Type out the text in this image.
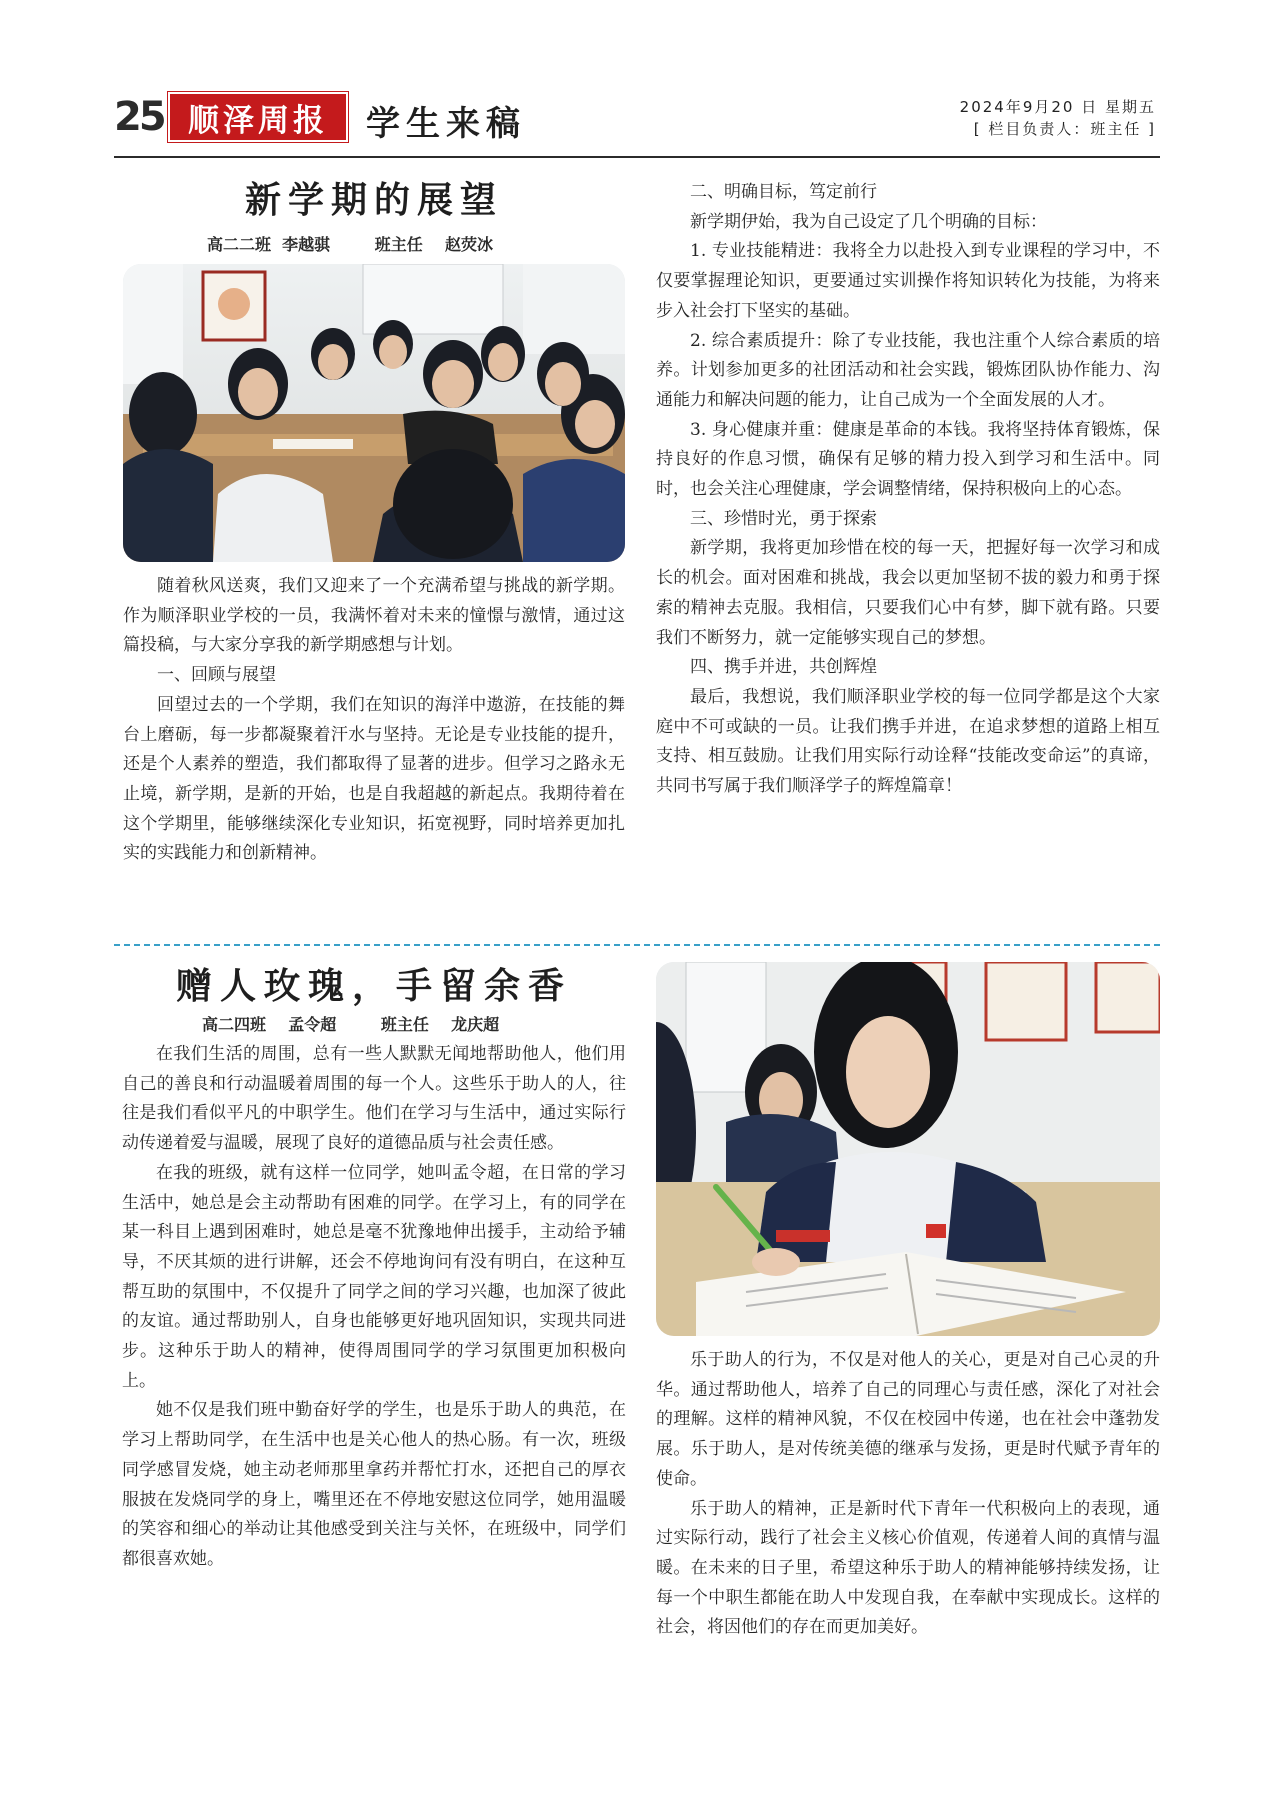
25 顺泽周报 学生来稿	2024年9月20 日 星期五
[ 栏目负责人：班主任 ]
新学期的展望
高二二班  李越骐        班主任    赵荧冰

随着秋风送爽，我们又迎来了一个充满希望与挑战的新学期。作为顺泽职业学校的一员，我满怀着对未来的憧憬与激情，通过这篇投稿，与大家分享我的新学期感想与计划。

一、回顾与展望

回望过去的一个学期，我们在知识的海洋中遨游，在技能的舞台上磨砺，每一步都凝聚着汗水与坚持。无论是专业技能的提升，还是个人素养的塑造，我们都取得了显著的进步。但学习之路永无止境，新学期，是新的开始，也是自我超越的新起点。我期待着在这个学期里，能够继续深化专业知识，拓宽视野，同时培养更加扎实的实践能力和创新精神。

二、明确目标，笃定前行

新学期伊始，我为自己设定了几个明确的目标：

1. 专业技能精进：我将全力以赴投入到专业课程的学习中，不仅要掌握理论知识，更要通过实训操作将知识转化为技能，为将来步入社会打下坚实的基础。

2. 综合素质提升：除了专业技能，我也注重个人综合素质的培养。计划参加更多的社团活动和社会实践，锻炼团队协作能力、沟通能力和解决问题的能力，让自己成为一个全面发展的人才。

3. 身心健康并重：健康是革命的本钱。我将坚持体育锻炼，保持良好的作息习惯，确保有足够的精力投入到学习和生活中。同时，也会关注心理健康，学会调整情绪，保持积极向上的心态。

三、珍惜时光，勇于探索

新学期，我将更加珍惜在校的每一天，把握好每一次学习和成长的机会。面对困难和挑战，我会以更加坚韧不拔的毅力和勇于探索的精神去克服。我相信，只要我们心中有梦，脚下就有路。只要我们不断努力，就一定能够实现自己的梦想。

四、携手并进，共创辉煌

最后，我想说，我们顺泽职业学校的每一位同学都是这个大家庭中不可或缺的一员。让我们携手并进，在追求梦想的道路上相互支持、相互鼓励。让我们用实际行动诠释“技能改变命运”的真谛，共同书写属于我们顺泽学子的辉煌篇章！

赠人玫瑰，手留余香
高二四班    孟令超        班主任    龙庆超

在我们生活的周围，总有一些人默默无闻地帮助他人，他们用自己的善良和行动温暖着周围的每一个人。这些乐于助人的人，往往是我们看似平凡的中职学生。他们在学习与生活中，通过实际行动传递着爱与温暖，展现了良好的道德品质与社会责任感。

在我的班级，就有这样一位同学，她叫孟令超，在日常的学习生活中，她总是会主动帮助有困难的同学。在学习上，有的同学在某一科目上遇到困难时，她总是毫不犹豫地伸出援手，主动给予辅导，不厌其烦的进行讲解，还会不停地询问有没有明白，在这种互帮互助的氛围中，不仅提升了同学之间的学习兴趣，也加深了彼此的友谊。通过帮助别人，自身也能够更好地巩固知识，实现共同进步。这种乐于助人的精神，使得周围同学的学习氛围更加积极向上。

她不仅是我们班中勤奋好学的学生，也是乐于助人的典范，在学习上帮助同学，在生活中也是关心他人的热心肠。有一次，班级同学感冒发烧，她主动老师那里拿药并帮忙打水，还把自己的厚衣服披在发烧同学的身上，嘴里还在不停地安慰这位同学，她用温暖的笑容和细心的举动让其他感受到关注与关怀，在班级中，同学们都很喜欢她。

乐于助人的行为，不仅是对他人的关心，更是对自己心灵的升华。通过帮助他人，培养了自己的同理心与责任感，深化了对社会的理解。这样的精神风貌，不仅在校园中传递，也在社会中蓬勃发展。乐于助人，是对传统美德的继承与发扬，更是时代赋予青年的使命。

乐于助人的精神，正是新时代下青年一代积极向上的表现，通过实际行动，践行了社会主义核心价值观，传递着人间的真情与温暖。在未来的日子里，希望这种乐于助人的精神能够持续发扬，让每一个中职生都能在助人中发现自我，在奉献中实现成长。这样的社会，将因他们的存在而更加美好。
